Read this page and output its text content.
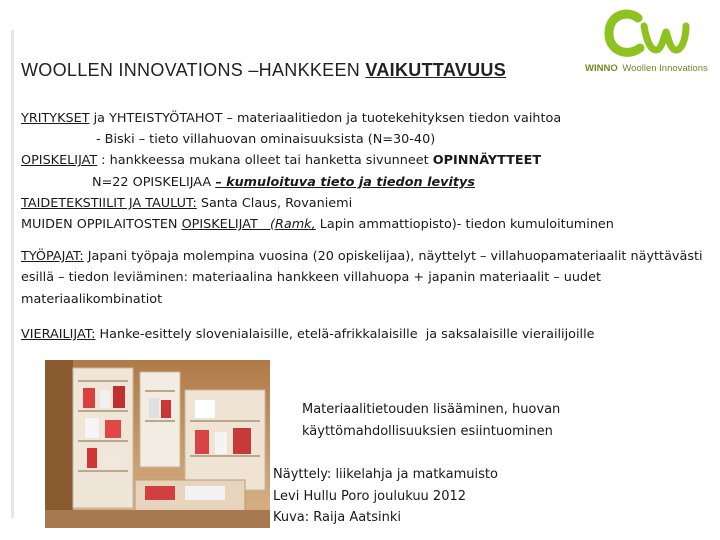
WOOLLEN INNOVATIONS –HANKKEEN VAIKUTTAVUUS	WINNO Woollen Innovations
YRITYKSET ja YHTEISTYÖTAHOT – materiaalitiedon ja tuotekehityksen tiedon vaihtoa
- Biski – tieto villahuovan ominaisuuksista (N=30-40)
OPISKELIJAT : hankkeessa mukana olleet tai hanketta sivunneet OPINNÄYTTEET
N=22 OPISKELIJAA – kumuloituva tieto ja tiedon levitys
TAIDETEKSTIILIT JA TAULUT: Santa Claus, Rovaniemi
MUIDEN OPPILAITOSTEN OPISKELIJAT (Ramk, Lapin ammattiopisto)- tiedon kumuloituminen
TYÖPAJAT: Japani työpaja molempina vuosina (20 opiskelijaa), näyttelyt – villahuopamateriaalit näyttävästi esillä – tiedon leviäminen: materiaalina hankkeen villahuopa + japanin materiaalit – uudet materiaalikombinatiot
VIERAILIJAT: Hanke-esittely slovenialaisille, etelä-afrikkalaisille  ja saksalaisille vierailijoille
Materiaalitietouden lisääminen, huovan
käyttömahdollisuuksien esiintuominen
Näyttely: liikelahja ja matkamuisto
Levi Hullu Poro joulukuu 2012
Kuva: Raija Aatsinki
